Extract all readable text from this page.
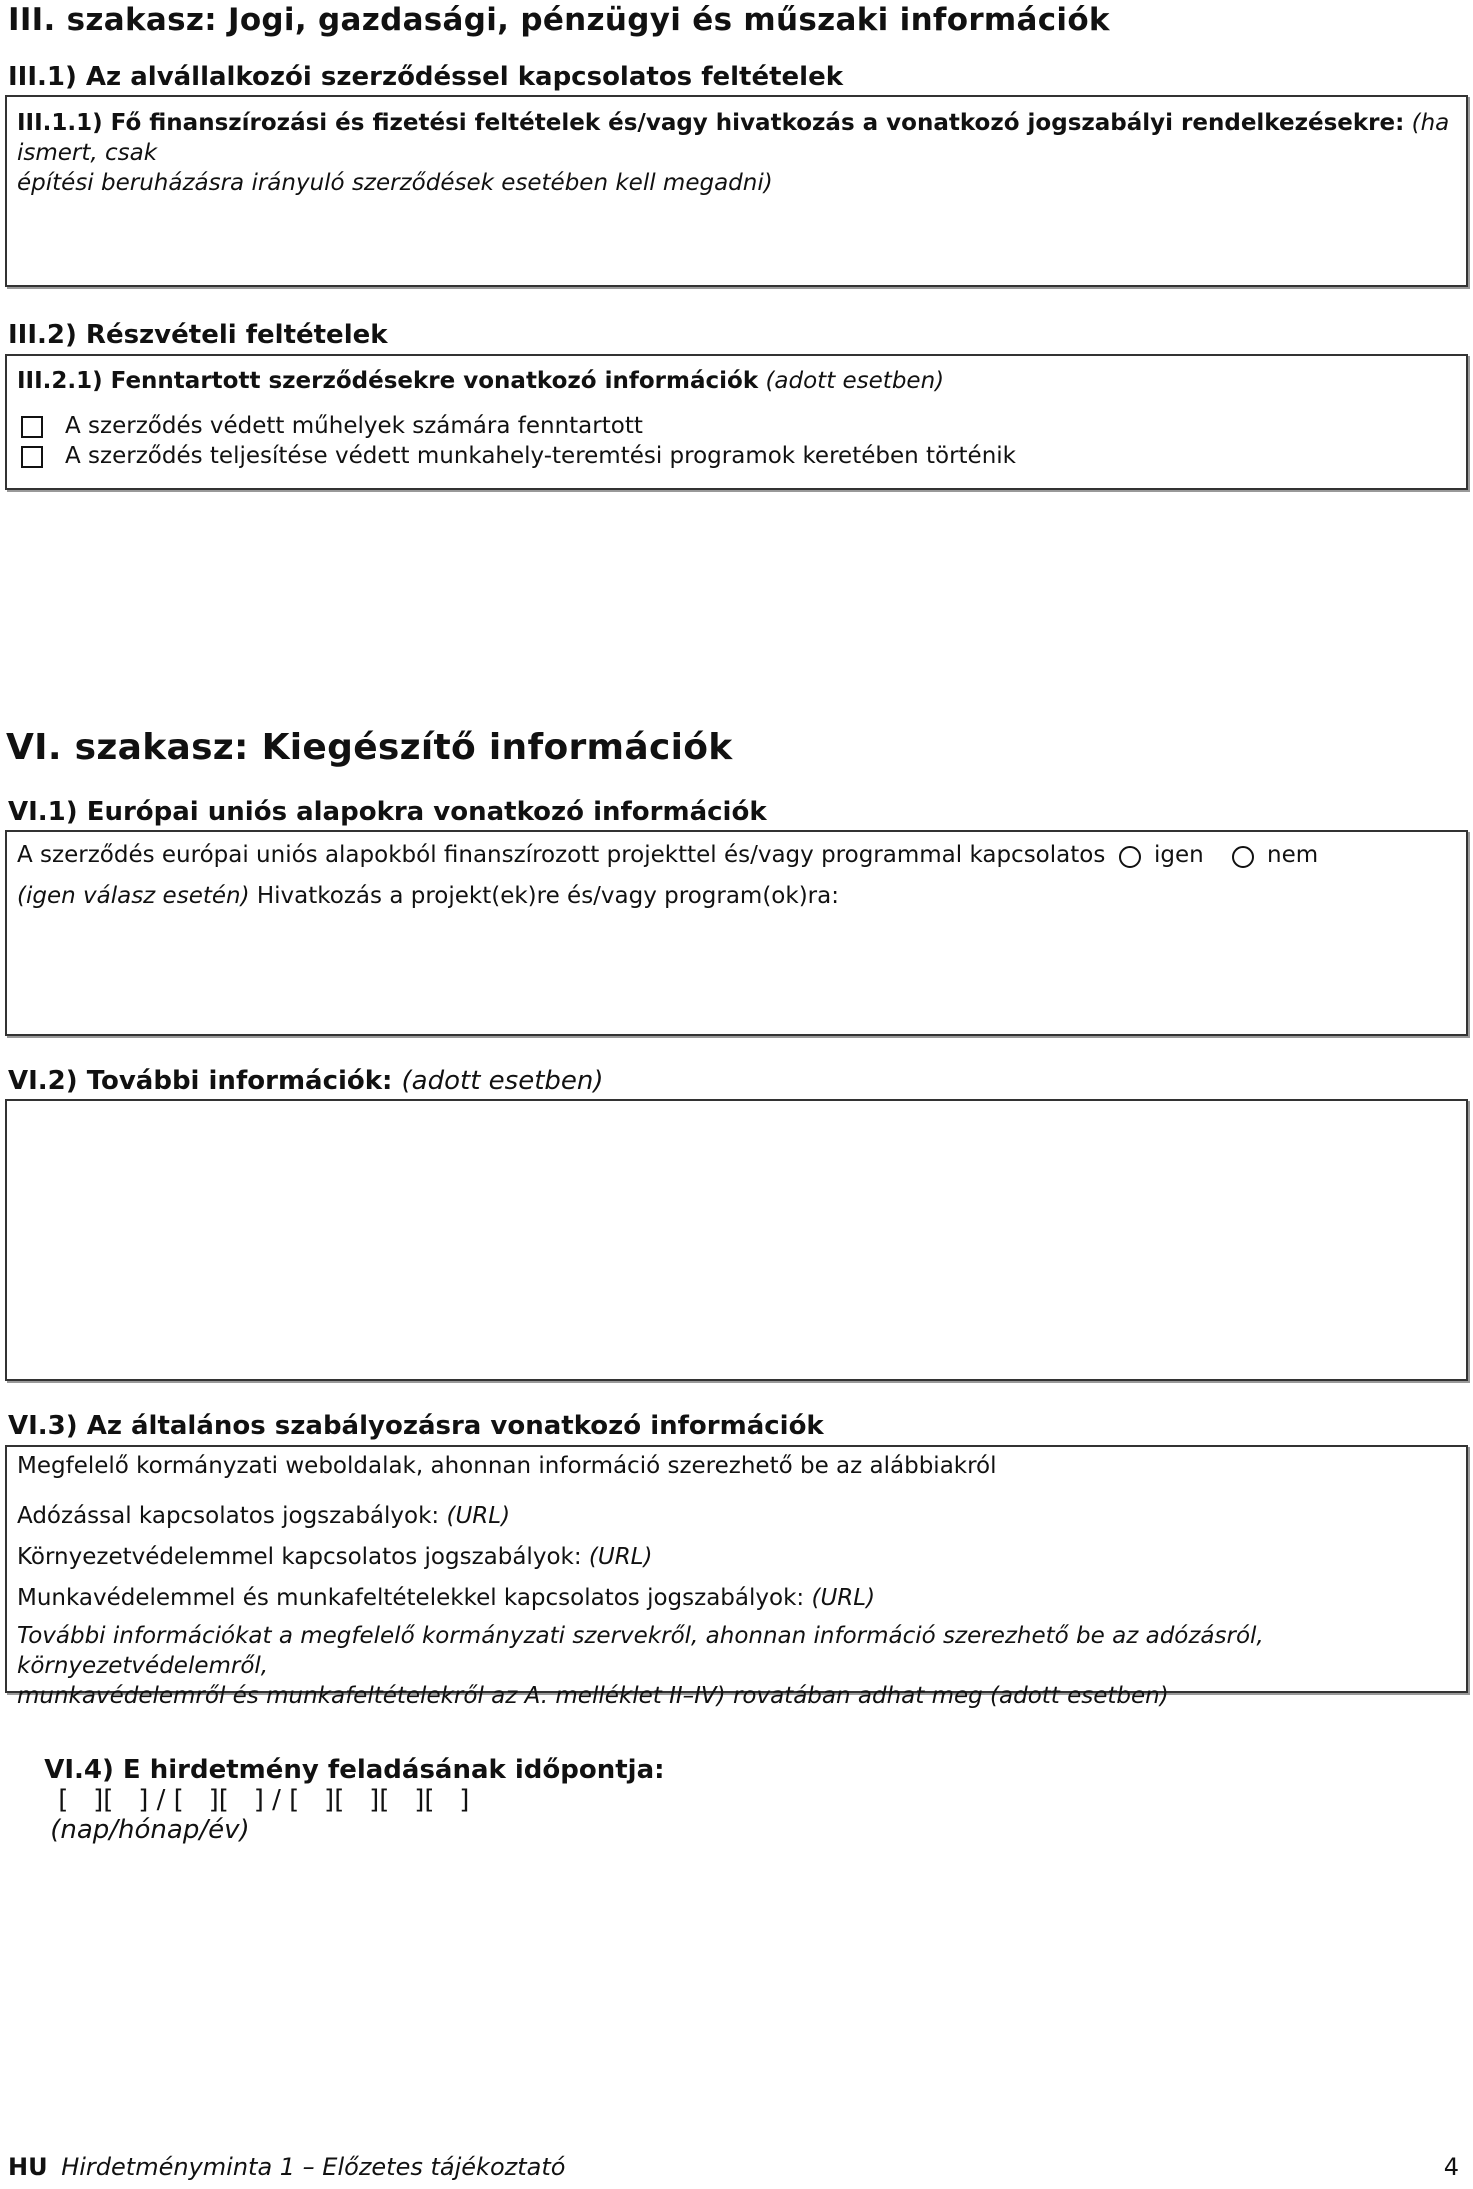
III. szakasz: Jogi, gazdasági, pénzügyi és műszaki információk
III.1) Az alvállalkozói szerződéssel kapcsolatos feltételek
III.1.1) Fő finanszírozási és fizetési feltételek és/vagy hivatkozás a vonatkozó jogszabályi rendelkezésekre: (ha ismert, csak
építési beruházásra irányuló szerződések esetében kell megadni)
III.2) Részvételi feltételek
III.2.1) Fenntartott szerződésekre vonatkozó információk (adott esetben)
A szerződés védett műhelyek számára fenntartott
A szerződés teljesítése védett munkahely-teremtési programok keretében történik
VI. szakasz: Kiegészítő információk
VI.1) Európai uniós alapokra vonatkozó információk
A szerződés európai uniós alapokból finanszírozott projekttel és/vagy programmal kapcsolatos igen	nem
(igen válasz esetén) Hivatkozás a projekt(ek)re és/vagy program(ok)ra:
VI.2) További információk: (adott esetben)
VI.3) Az általános szabályozásra vonatkozó információk
Megfelelő kormányzati weboldalak, ahonnan információ szerezhető be az alábbiakról
Adózással kapcsolatos jogszabályok: (URL)
Környezetvédelemmel kapcsolatos jogszabályok: (URL)
Munkavédelemmel és munkafeltételekkel kapcsolatos jogszabályok: (URL)
További információkat a megfelelő kormányzati szervekről, ahonnan információ szerezhető be az adózásról, környezetvédelemről,
munkavédelemről és munkafeltételekről az A. melléklet II–IV) rovatában adhat meg (adott esetben)

VI.4) E hirdetmény feladásának időpontja:
[   ][   ] / [   ][   ] / [   ][   ][   ][   ]
(nap/hónap/év)

HU Hirdetményminta 1 – Előzetes tájékoztató	4
